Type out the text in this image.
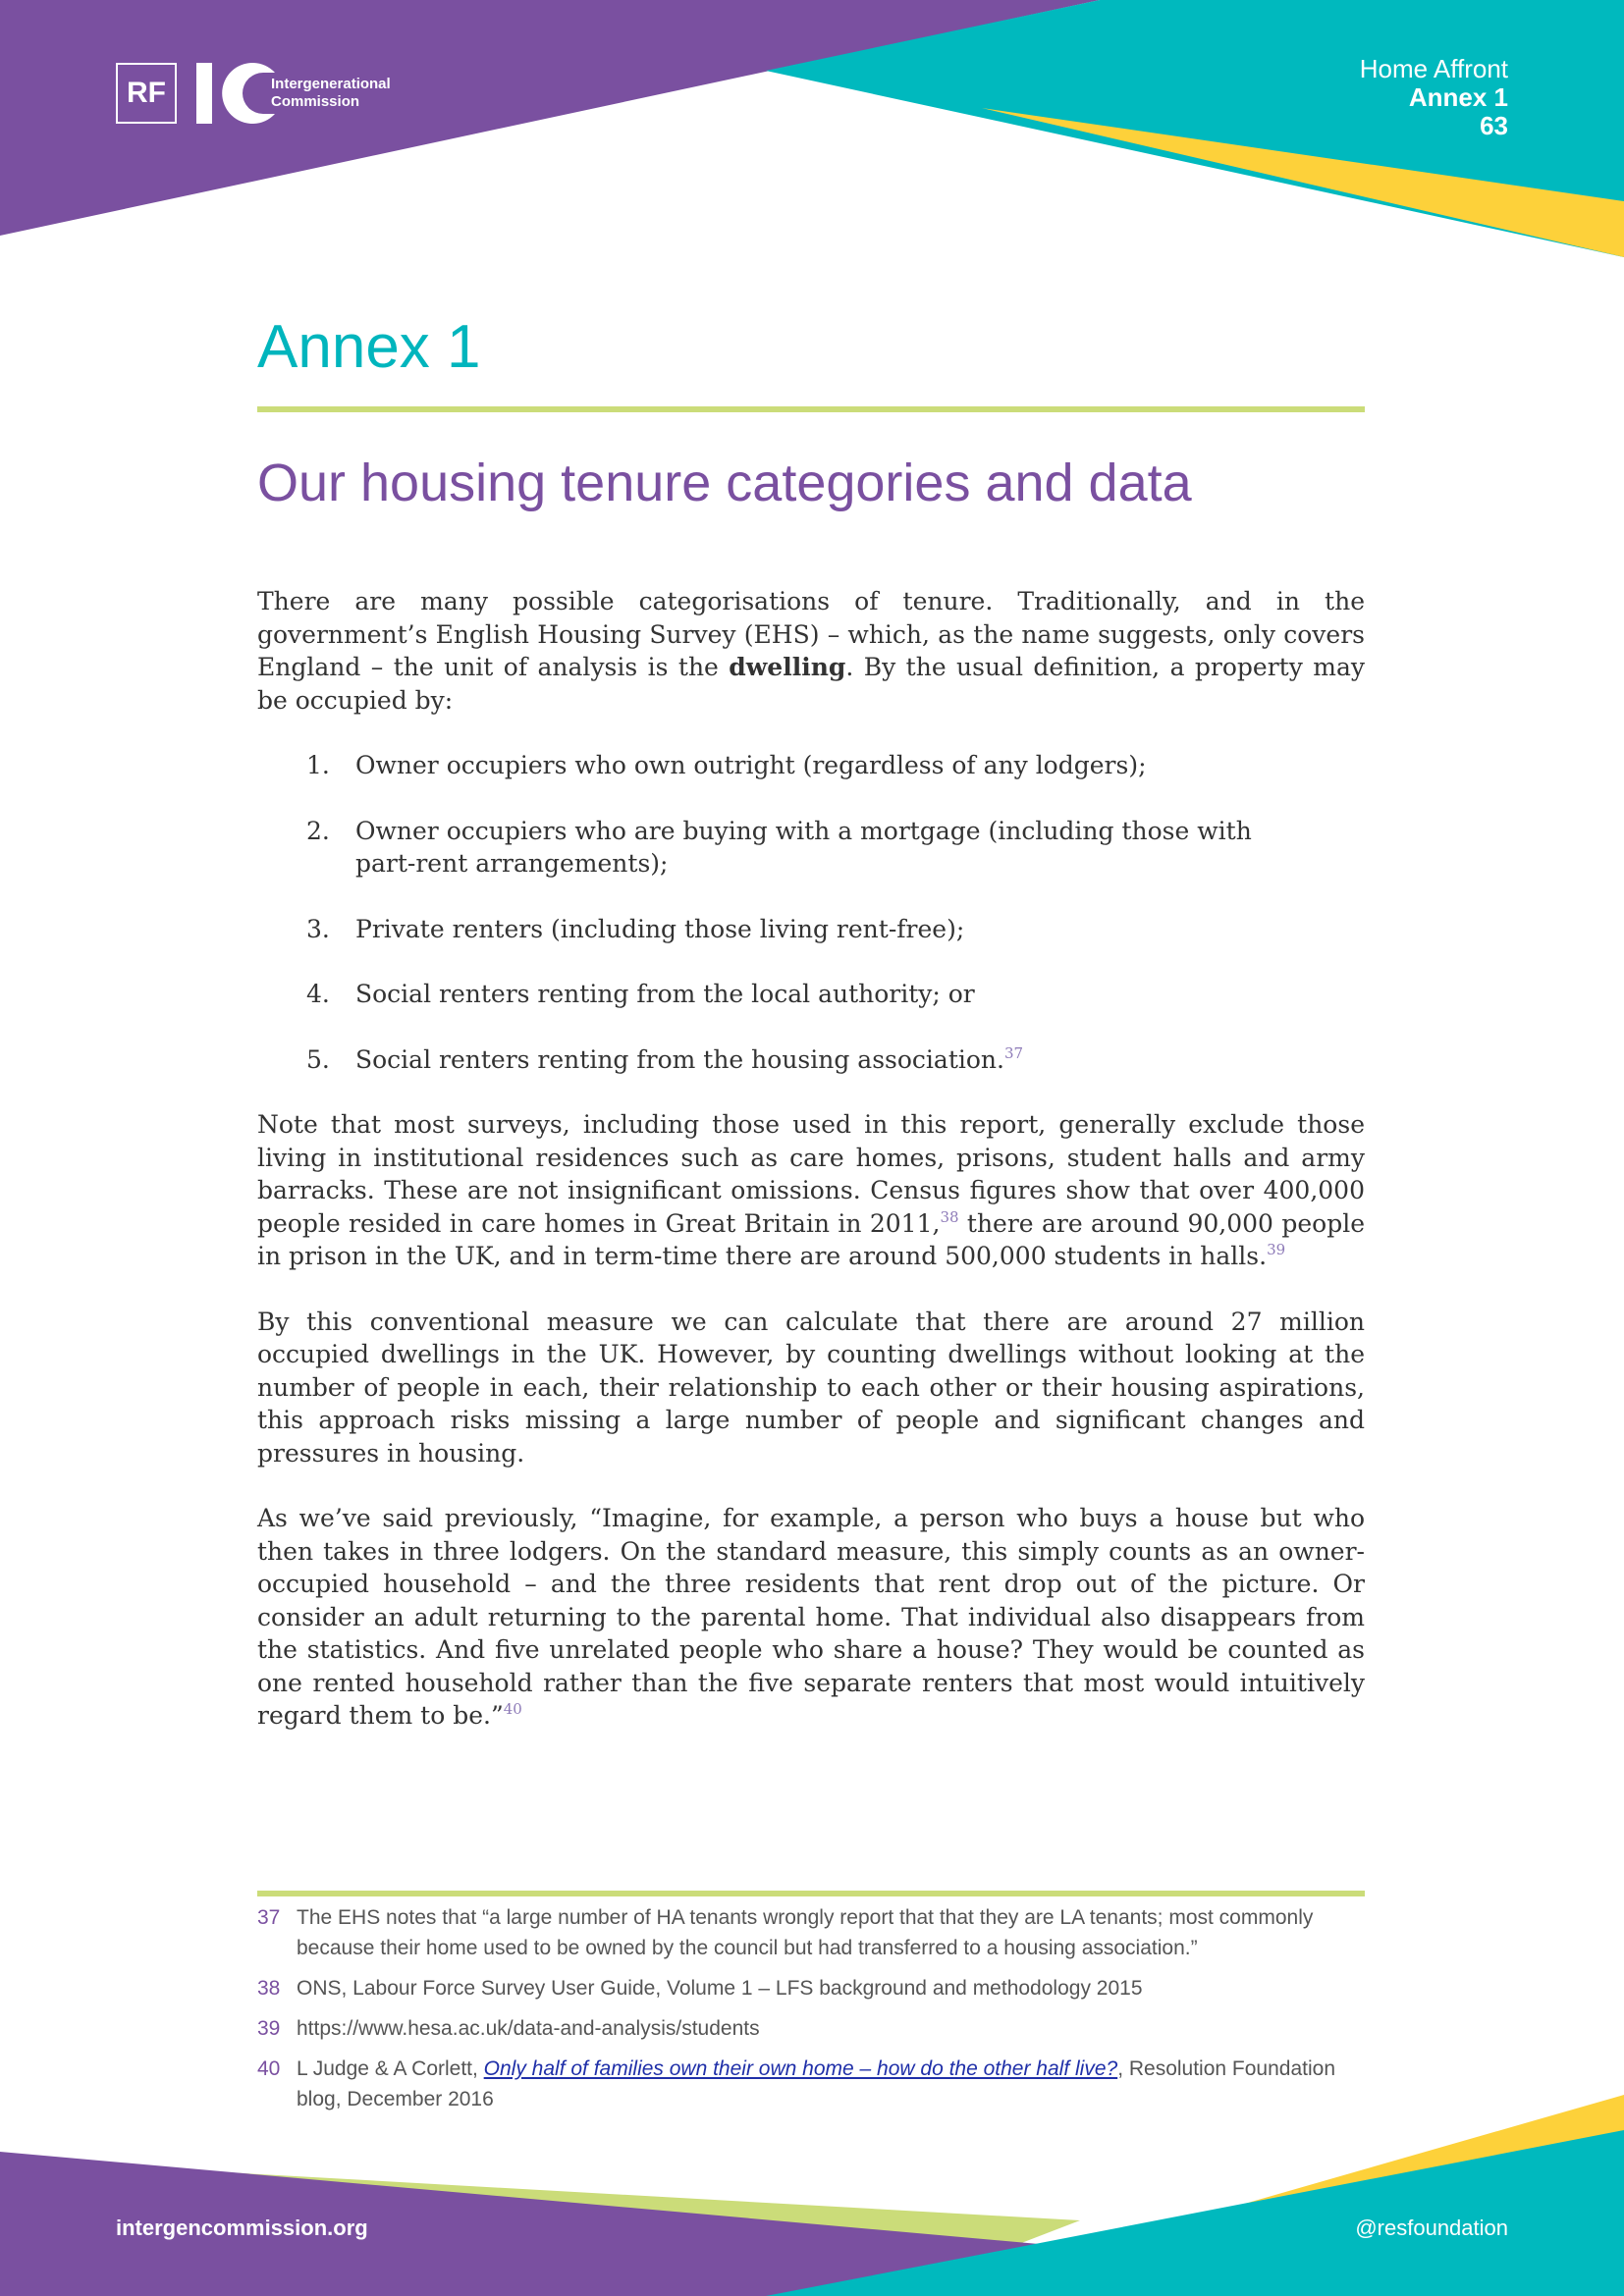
RF	Intergenerational
Commission
Home Affront
Annex 1
63
Annex 1
Our housing tenure categories and data

There are many possible categorisations of tenure. Traditionally, and in the government’s English Housing Survey (EHS) – which, as the name suggests, only covers England – the unit of analysis is the dwelling. By the usual definition, a property may be occupied by:

1.	Owner occupiers who own outright (regardless of any lodgers);
2.	Owner occupiers who are buying with a mortgage (including those with part-rent arrangements);
3.	Private renters (including those living rent-free);
4.	Social renters renting from the local authority; or
5.	Social renters renting from the housing association.$^{37}$

Note that most surveys, including those used in this report, generally exclude those living in institutional residences such as care homes, prisons, student halls and army barracks. These are not insignificant omissions. Census figures show that over 400,000 people resided in care homes in Great Britain in 2011,38 there are around 90,000 people in prison in the UK, and in term-time there are around 500,000 students in halls.$^{39}$

By this conventional measure we can calculate that there are around 27 million occupied dwellings in the UK. However, by counting dwellings without looking at the number of people in each, their relationship to each other or their housing aspirations, this approach risks missing a large number of people and significant changes and pressures in housing.

As we’ve said previously, “Imagine, for example, a person who buys a house but who then takes in three lodgers. On the standard measure, this simply counts as an owner-occupied household – and the three residents that rent drop out of the picture. Or consider an adult returning to the parental home. That individual also disappears from the statistics. And five unrelated people who share a house? They would be counted as one rented household rather than the five separate renters that most would intuitively regard them to be.”$^{40}$

37 The EHS notes that “a large number of HA tenants wrongly report that that they are LA tenants; most commonly because their home used to be owned by the council but had transferred to a housing association.”
38 ONS, Labour Force Survey User Guide, Volume 1 – LFS background and methodology 2015
39 https://www.hesa.ac.uk/data-and-analysis/students
40 L Judge & A Corlett, Only half of families own their own home – how do the other half live?, Resolution Foundation blog, December 2016
intergencommission.org	@resfoundation
